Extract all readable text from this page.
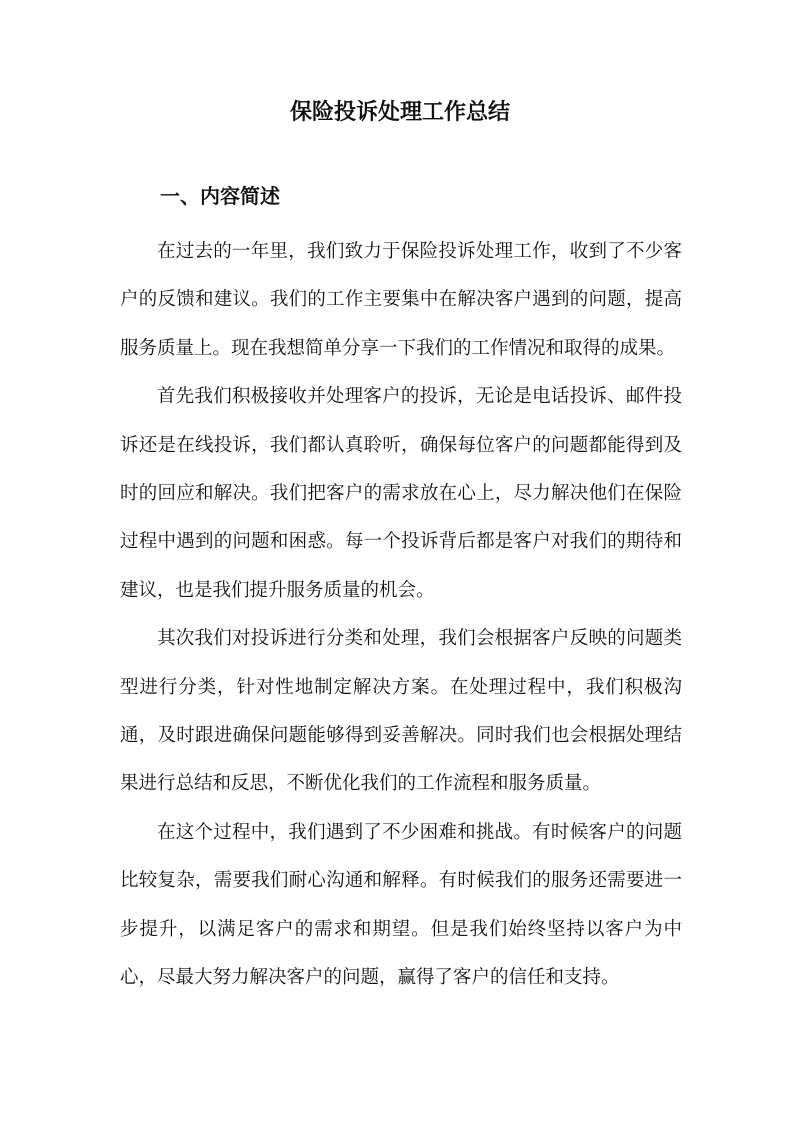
保险投诉处理工作总结
一、内容简述

在过去的一年里，我们致力于保险投诉处理工作，收到了不少客户的反馈和建议。我们的工作主要集中在解决客户遇到的问题，提高服务质量上。现在我想简单分享一下我们的工作情况和取得的成果。

首先我们积极接收并处理客户的投诉，无论是电话投诉、邮件投诉还是在线投诉，我们都认真聆听，确保每位客户的问题都能得到及时的回应和解决。我们把客户的需求放在心上，尽力解决他们在保险过程中遇到的问题和困惑。每一个投诉背后都是客户对我们的期待和建议，也是我们提升服务质量的机会。

其次我们对投诉进行分类和处理，我们会根据客户反映的问题类型进行分类，针对性地制定解决方案。在处理过程中，我们积极沟通，及时跟进确保问题能够得到妥善解决。同时我们也会根据处理结果进行总结和反思，不断优化我们的工作流程和服务质量。

在这个过程中，我们遇到了不少困难和挑战。有时候客户的问题比较复杂，需要我们耐心沟通和解释。有时候我们的服务还需要进一步提升，以满足客户的需求和期望。但是我们始终坚持以客户为中心，尽最大努力解决客户的问题，赢得了客户的信任和支持。
